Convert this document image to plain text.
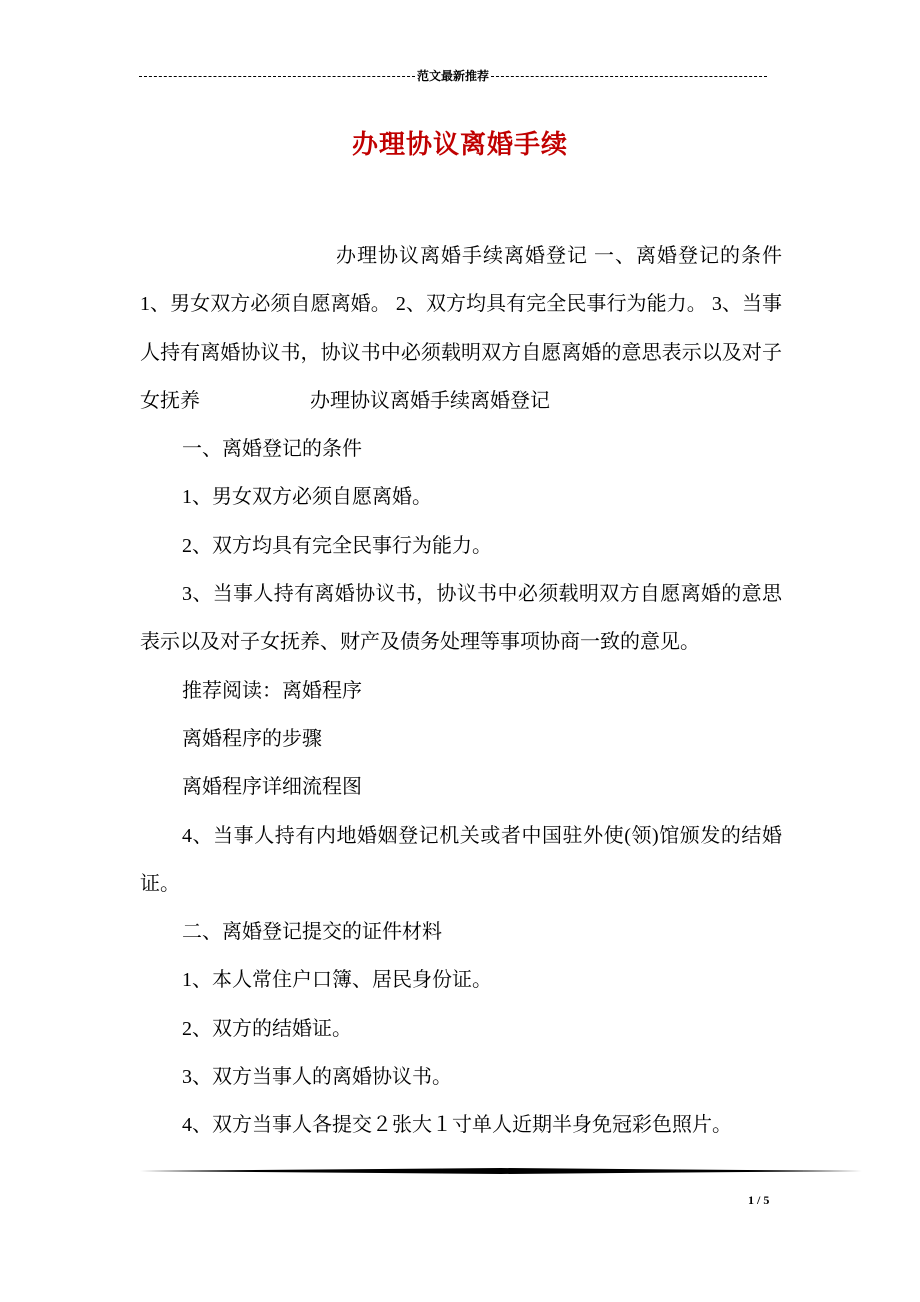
范文最新推荐
办理协议离婚手续

办理协议离婚手续离婚登记 一、离婚登记的条件 1、男女双方必须自愿离婚。 2、双方均具有完全民事行为能力。 3、当事人持有离婚协议书，协议书中必须载明双方自愿离婚的意思表示以及对子女抚养	办理协议离婚手续离婚登记

一、离婚登记的条件

1、男女双方必须自愿离婚。

2、双方均具有完全民事行为能力。

3、当事人持有离婚协议书，协议书中必须载明双方自愿离婚的意思表示以及对子女抚养、财产及债务处理等事项协商一致的意见。

推荐阅读：离婚程序

离婚程序的步骤

离婚程序详细流程图

4、当事人持有内地婚姻登记机关或者中国驻外使(领)馆颁发的结婚证。

二、离婚登记提交的证件材料

1、本人常住户口簿、居民身份证。

2、双方的结婚证。

3、双方当事人的离婚协议书。

4、双方当事人各提交２张大１寸单人近期半身免冠彩色照片。

1 / 5
